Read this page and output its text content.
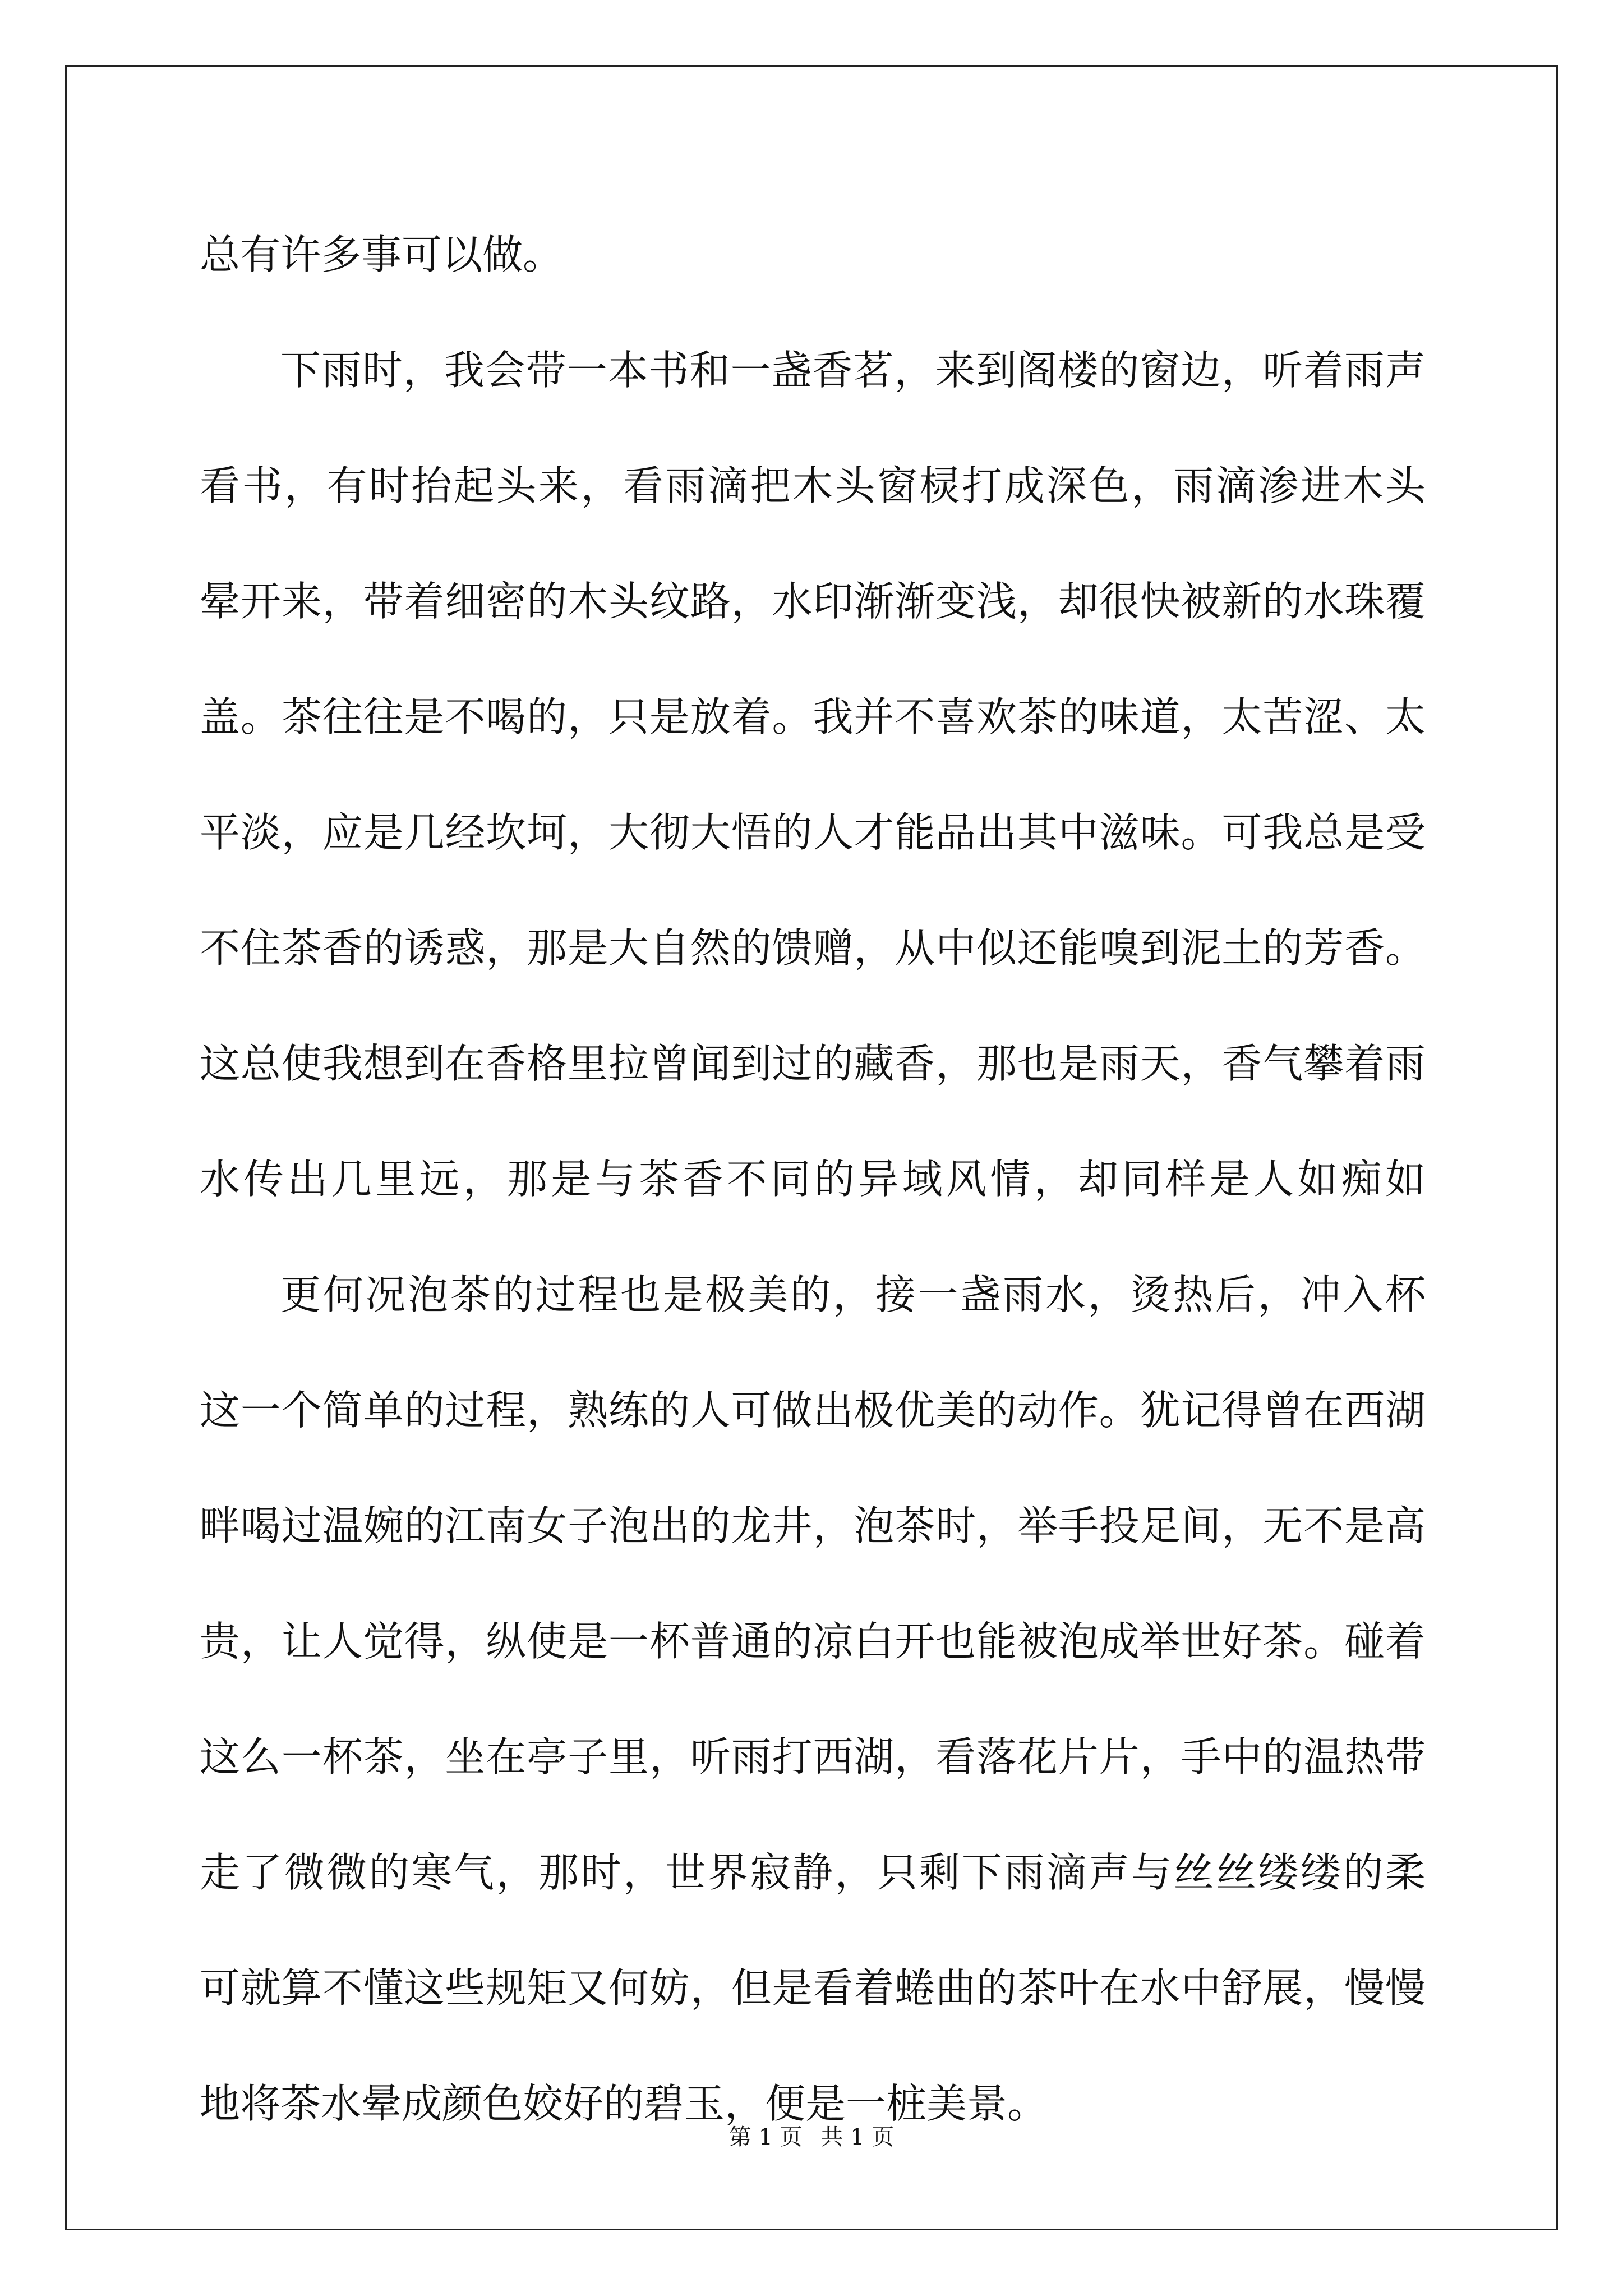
总有许多事可以做。
下雨时，我会带一本书和一盏香茗，来到阁楼的窗边，听着雨声
看书，有时抬起头来，看雨滴把木头窗棂打成深色，雨滴渗进木头
晕开来，带着细密的木头纹路，水印渐渐变浅，却很快被新的水珠覆
盖。茶往往是不喝的，只是放着。我并不喜欢茶的味道，太苦涩、太
平淡，应是几经坎坷，大彻大悟的人才能品出其中滋味。可我总是受
不住茶香的诱惑，那是大自然的馈赠，从中似还能嗅到泥土的芳香。
这总使我想到在香格里拉曾闻到过的藏香，那也是雨天，香气攀着雨
水传出几里远，那是与茶香不同的异域风情，却同样是人如痴如
更何况泡茶的过程也是极美的，接一盏雨水，烫热后，冲入杯
这一个简单的过程，熟练的人可做出极优美的动作。犹记得曾在西湖
畔喝过温婉的江南女子泡出的龙井，泡茶时，举手投足间，无不是高
贵，让人觉得，纵使是一杯普通的凉白开也能被泡成举世好茶。碰着
这么一杯茶，坐在亭子里，听雨打西湖，看落花片片，手中的温热带
走了微微的寒气，那时，世界寂静，只剩下雨滴声与丝丝缕缕的柔
可就算不懂这些规矩又何妨，但是看着蜷曲的茶叶在水中舒展，慢慢
地将茶水晕成颜色姣好的碧玉，便是一桩美景。
第 1 页 共 1 页
